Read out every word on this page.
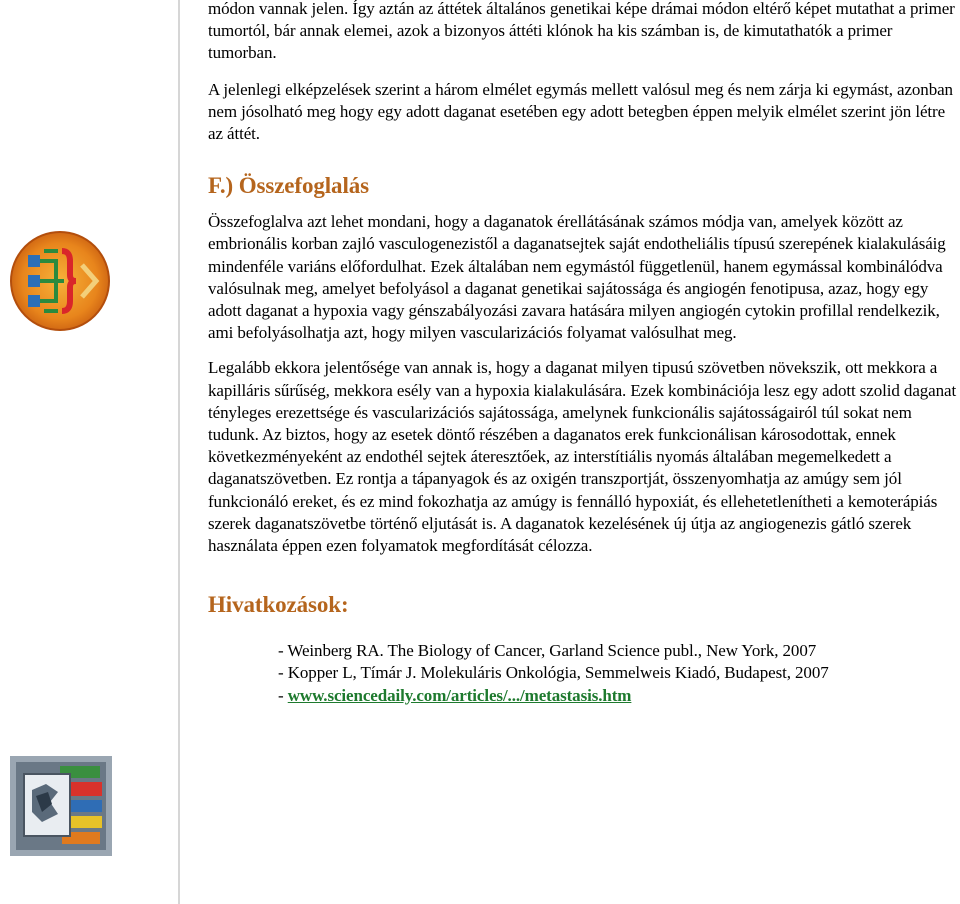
módon vannak jelen. Így aztán az áttétek általános genetikai képe drámai módon eltérő képet mutathat a primer tumortól, bár annak elemei, azok a bizonyos áttéti klónok ha kis számban is, de kimutathatók a primer tumorban.

A jelenlegi elképzelések szerint a három elmélet egymás mellett valósul meg és nem zárja ki egymást, azonban nem jósolható meg hogy egy adott daganat esetében egy adott betegben éppen melyik elmélet szerint jön létre az áttét.

F.) Összefoglalás

Összefoglalva azt lehet mondani, hogy a daganatok érellátásának számos módja van, amelyek között az embrionális korban zajló vasculogenezistől a daganatsejtek saját endotheliális típusú szerepének kialakulásáig mindenféle variáns előfordulhat. Ezek általában nem egymástól függetlenül, hanem egymással kombinálódva valósulnak meg, amelyet befolyásol a daganat genetikai sajátossága és angiogén fenotipusa, azaz, hogy egy adott daganat a hypoxia vagy génszabályozási zavara hatására milyen angiogén cytokin profillal rendelkezik, ami befolyásolhatja azt, hogy milyen vascularizációs folyamat valósulhat meg.

Legalább ekkora jelentősége van annak is, hogy a daganat milyen tipusú szövetben növekszik, ott mekkora a kapilláris sűrűség, mekkora esély van a hypoxia kialakulására. Ezek kombinációja lesz egy adott szolid daganat tényleges erezettsége és vascularizációs sajátossága, amelynek funkcionális sajátosságairól túl sokat nem tudunk. Az biztos, hogy az esetek döntő részében a daganatos erek funkcionálisan károsodottak, ennek következményeként az endothél sejtek áteresztőek, az interstítiális nyomás általában megemelkedett a daganatszövetben. Ez rontja a tápanyagok és az oxigén transzportját, összenyomhatja az amúgy sem jól funkcionáló ereket, és ez mind fokozhatja az amúgy is fennálló hypoxiát, és ellehetetlenítheti a kemoterápiás szerek daganatszövetbe történő eljutását is. A daganatok kezelésének új útja az angiogenezis gátló szerek használata éppen ezen folyamatok megfordítását célozza.

Hivatkozások:

- Weinberg RA. The Biology of Cancer, Garland Science publ., New York, 2007

- Kopper L, Tímár J. Molekuláris Onkológia, Semmelweis Kiadó, Budapest, 2007

- www.sciencedaily.com/articles/.../metastasis.htm
